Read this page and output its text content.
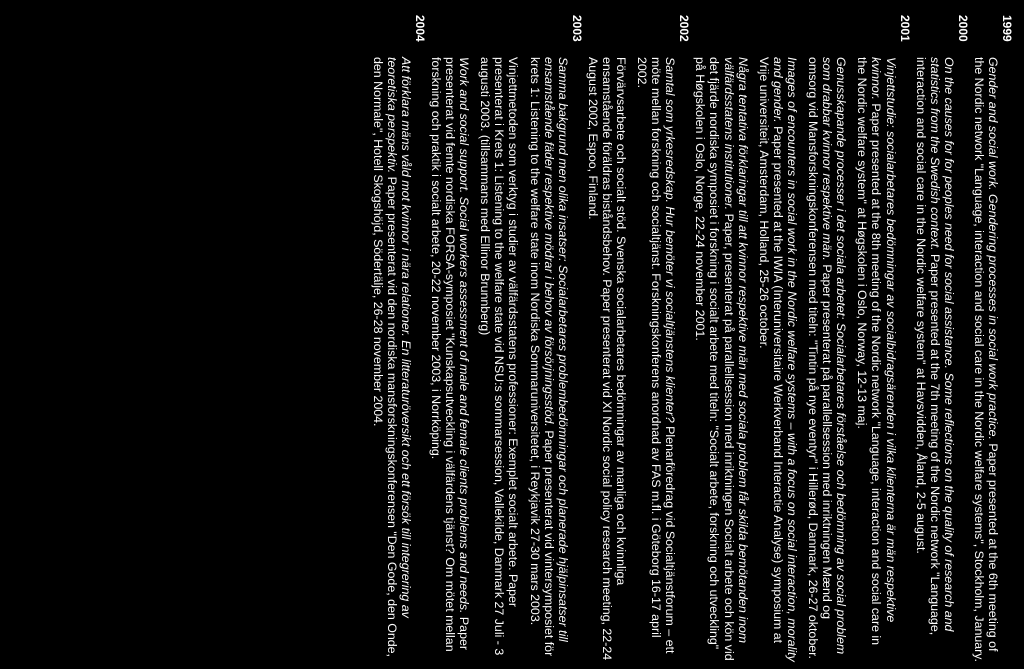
1999

Gender and social work. Gendering processes in social work practice. Paper presented at the 6th meeting of the Nordic network "Language, interaction and social care in the Nordic welfare systems", Stockholm, January.

2000

On the causes for for peoples need for social assistance. Some reflections on the quality of research and statistics from the Swedish context. Paper presented at the 7th meeting of the Nordic network "Language, interaction and social care in the Nordic welfare system" at Havsvidden, Åland, 2-5 august.

2001

Vinjettstudie: socialarbetares bedömningar av socialbidragsärenden i vilka klienterna är män respektive kvinnor. Paper presented at the 8th meeting of the Nordic network "Language, interaction and social care in the Nordic welfare system" at Høgskolen i Oslo, Norway, 12-13 maj.

Genusskapande processer i det sociala arbetet: Socialarbetares förståelse och bedömning av social problem som drabbar kvinnor respektive män. Paper presenterat på parallellsession med inriktningen Mænd og omsorg vid Mansforskningskonferensen med titeln: "Tintin på nye eventyr" i Hillerød, Danmark, 26-27 oktober.

Images of encounters in social work in the Nordic welfare systems – with a focus on social interaction, morality and gender. Paper presented at the IWIA (Interuniversitaire Werkverband Interactie Analyse) symposium at Vrije universiteit, Amsterdam, Holland, 25-26 october.

Några tentativa förklaringar till att kvinnor respektive män med sociala problem får skilda bemötanden inom välfärdsstatens institutioner. Paper, presenterat på parallellsession med inriktningen Socialt arbete och kön vid det fjärde nordiska symposiet i forskning i socialt arbete med titeln: "Socialt arbete, forskning och utveckling" på Høgskolen i Oslo, Norge, 22-24 november 2001.

2002

Samtal som yrkesredskap. Hur bemöter vi socialtjänstens klienter? Plenarföredrag vid Socialtjänstforum – ett möte mellan forskning och socialtjänst. Forskningskonferens anordnad av FAS m.fl. i Göteborg 16-17 april 2002.

Förvärvsarbete och socialt stöd. Svenska socialarbetares bedömningar av manliga och kvinnliga ensamstående föräldras biståndsbehov. Paper presenterat vid XI Nordic social policy research meeting, 22-24 August 2002, Espoo, Finland.

2003

Samma bakgrund men olika insatser: Socialarbetares problembedömningar och planerade hjälpinsatser till ensamstående fäder respektive mödrar i behov av försörjningsstöd. Paper presenterat vid vintersymposiet för krets 1: Listening to the welfare state inom Nordiska Sommaruniversitetet, i Reykjavik 27-30 mars 2003.

Vinjettmetoden som verktyg i studier av välfärdsstatens professioner: Exemplet socialt arbete. Paper presenterat i Krets 1: Listening to the welfare state vid NSU:s sommarsession, Vallekilde, Danmark 27 Juli - 3 augusti 2003. (tillsammans med Ellinor Brunnberg)

Work and social support. Social workers assessment of male and female clients problems and needs. Paper presenterat vid femte nordiska FORSA-symposiet "Kunskapsutveckling i välfärdens tjänst? Om mötet mellan forskning och praktik i socialt arbete, 20-22 november 2003, i Norrköping.

2004

Att förklara mäns våld mot kvinnor i nära relationer. En litteraturöversikt och ett försök till integrering av teoretiska perspektiv. Paper presenterat vid den nordiska mansforskningskonferensen "Den Gode, den Onde, den Normale", Hotell Skogshöjd, Södertälje, 26-28 november 2004.
